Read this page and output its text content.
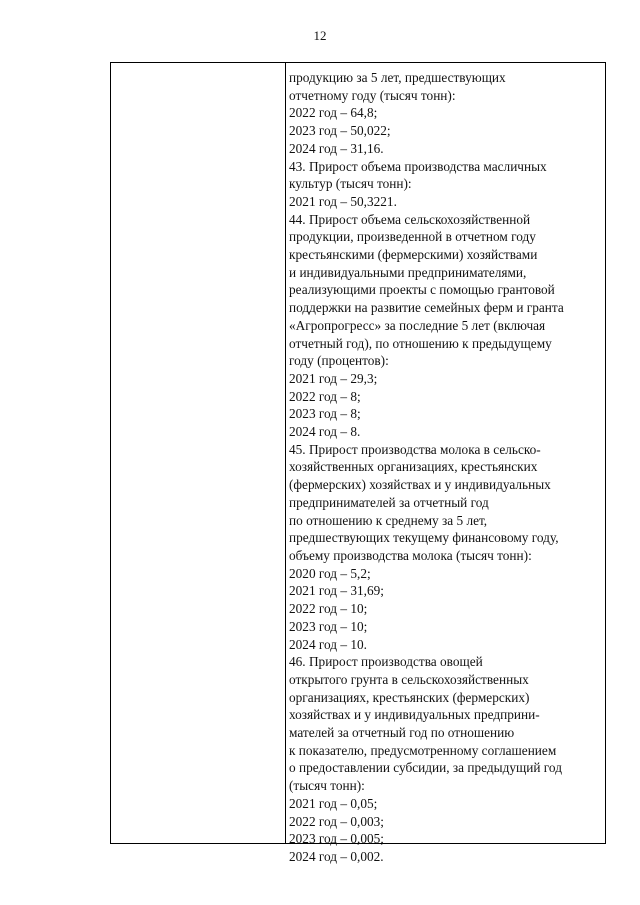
12
продукцию за 5 лет, предшествующих
отчетному году (тысяч тонн):
2022 год – 64,8;
2023 год – 50,022;
2024 год – 31,16.
43. Прирост объема производства масличных
культур (тысяч тонн):
2021 год – 50,3221.
44. Прирост объема сельскохозяйственной
продукции, произведенной в отчетном году
крестьянскими (фермерскими) хозяйствами
и индивидуальными предпринимателями,
реализующими проекты с помощью грантовой
поддержки на развитие семейных ферм и гранта
«Агропрогресс» за последние 5 лет (включая
отчетный год), по отношению к предыдущему
году (процентов):
2021 год – 29,3;
2022 год – 8;
2023 год – 8;
2024 год – 8.
45. Прирост производства молока в сельско-
хозяйственных организациях, крестьянских
(фермерских) хозяйствах и у индивидуальных
предпринимателей за отчетный год
по отношению к среднему за 5 лет,
предшествующих текущему финансовому году,
объему производства молока (тысяч тонн):
2020 год – 5,2;
2021 год – 31,69;
2022 год – 10;
2023 год – 10;
2024 год – 10.
46. Прирост производства овощей
открытого грунта в сельскохозяйственных
организациях, крестьянских (фермерских)
хозяйствах и у индивидуальных предприни-
мателей за отчетный год по отношению
к показателю, предусмотренному соглашением
о предоставлении субсидии, за предыдущий год
(тысяч тонн):
2021 год – 0,05;
2022 год – 0,003;
2023 год – 0,005;
2024 год – 0,002.
